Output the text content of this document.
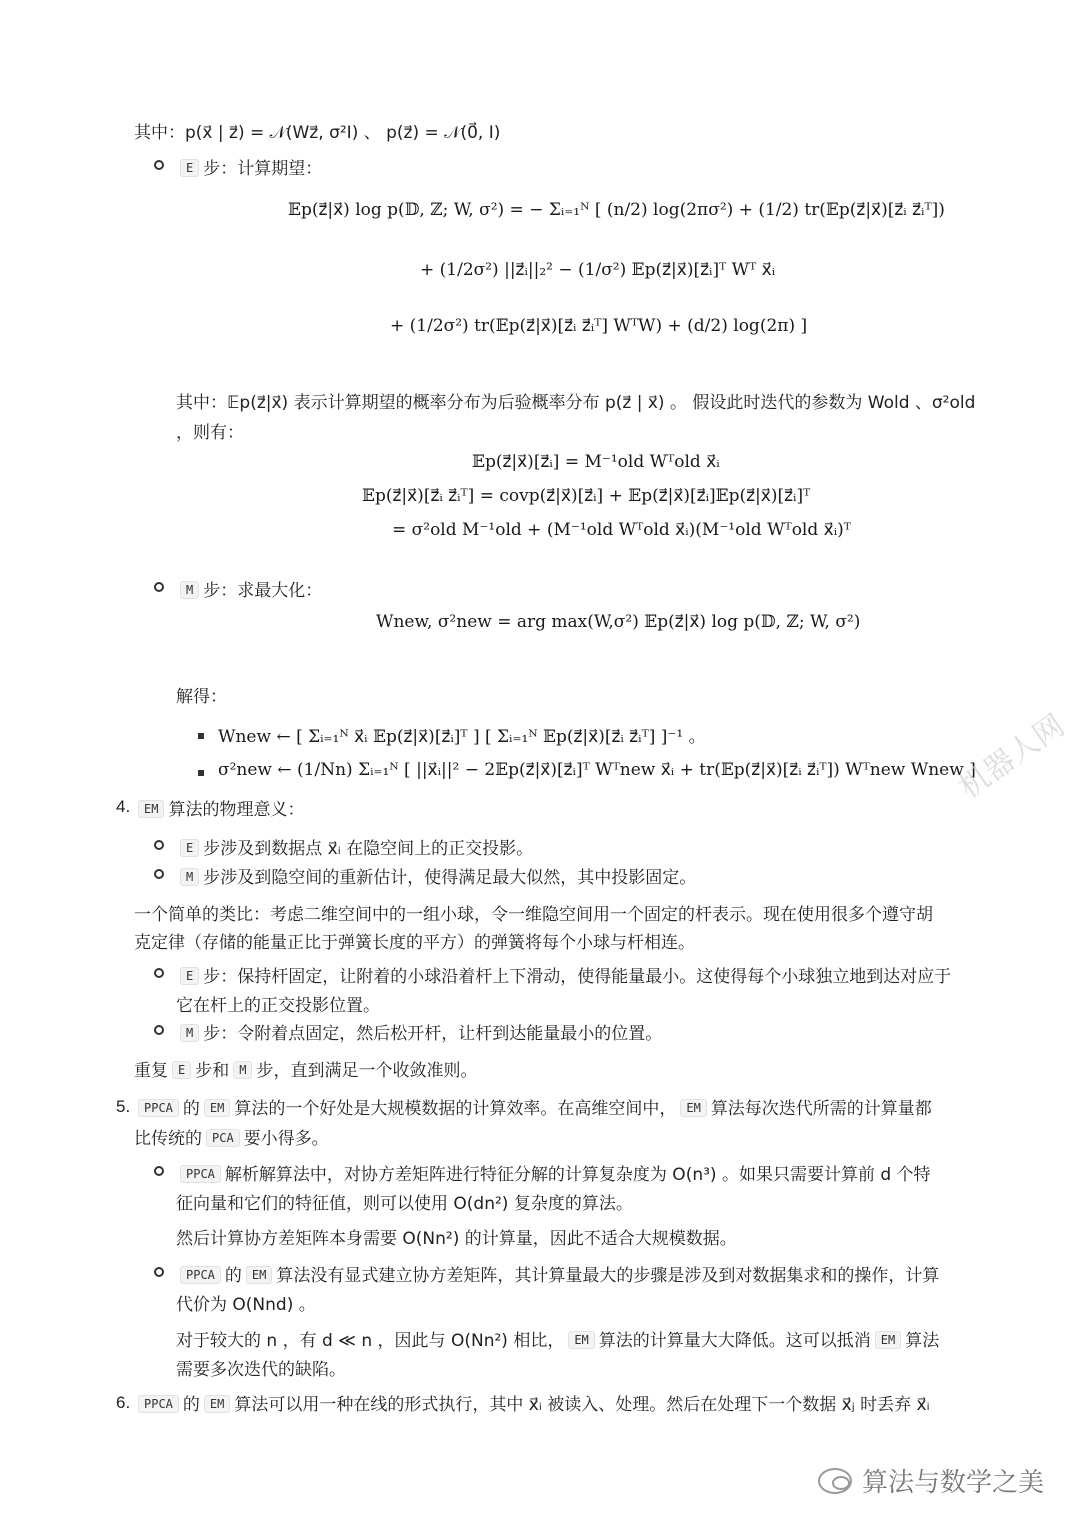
其中：p(x⃗ | z⃗) = 𝒩(Wz⃗, σ²I) 、 p(z⃗) = 𝒩(0⃗, I)
E 步：计算期望：
𝔼p(z⃗|x⃗) log p(𝔻, ℤ; W, σ²) = − Σᵢ₌₁ᴺ [ (n/2) log(2πσ²) + (1/2) tr(𝔼p(z⃗|x⃗)[z⃗ᵢ z⃗ᵢᵀ])
+ (1/2σ²) ||z⃗ᵢ||₂² − (1/σ²) 𝔼p(z⃗|x⃗)[z⃗ᵢ]ᵀ Wᵀ x⃗ᵢ
+ (1/2σ²) tr(𝔼p(z⃗|x⃗)[z⃗ᵢ z⃗ᵢᵀ] WᵀW) + (d/2) log(2π) ]
其中：𝔼p(z⃗|x⃗) 表示计算期望的概率分布为后验概率分布 p(z⃗ | x⃗) 。 假设此时迭代的参数为 Wold 、σ²old
，则有：
𝔼p(z⃗|x⃗)[z⃗ᵢ] = M⁻¹old Wᵀold x⃗ᵢ
𝔼p(z⃗|x⃗)[z⃗ᵢ z⃗ᵢᵀ] = covp(z⃗|x⃗)[z⃗ᵢ] + 𝔼p(z⃗|x⃗)[z⃗ᵢ]𝔼p(z⃗|x⃗)[z⃗ᵢ]ᵀ
= σ²old M⁻¹old + (M⁻¹old Wᵀold x⃗ᵢ)(M⁻¹old Wᵀold x⃗ᵢ)ᵀ
M 步：求最大化：
Wnew, σ²new = arg max(W,σ²) 𝔼p(z⃗|x⃗) log p(𝔻, ℤ; W, σ²)
解得：
Wnew ← [ Σᵢ₌₁ᴺ x⃗ᵢ 𝔼p(z⃗|x⃗)[z⃗ᵢ]ᵀ ] [ Σᵢ₌₁ᴺ 𝔼p(z⃗|x⃗)[z⃗ᵢ z⃗ᵢᵀ] ]⁻¹ 。
σ²new ← (1/Nn) Σᵢ₌₁ᴺ [ ||x⃗ᵢ||² − 2𝔼p(z⃗|x⃗)[z⃗ᵢ]ᵀ Wᵀnew x⃗ᵢ + tr(𝔼p(z⃗|x⃗)[z⃗ᵢ z⃗ᵢᵀ]) Wᵀnew Wnew ]
4.	EM 算法的物理意义：
E 步涉及到数据点 x⃗ᵢ 在隐空间上的正交投影。
M 步涉及到隐空间的重新估计，使得满足最大似然，其中投影固定。
一个简单的类比：考虑二维空间中的一组小球，令一维隐空间用一个固定的杆表示。现在使用很多个遵守胡
克定律（存储的能量正比于弹簧长度的平方）的弹簧将每个小球与杆相连。
E 步：保持杆固定，让附着的小球沿着杆上下滑动，使得能量最小。这使得每个小球独立地到达对应于
它在杆上的正交投影位置。
M 步：令附着点固定，然后松开杆，让杆到达能量最小的位置。
重复 E 步和 M 步，直到满足一个收敛准则。
5.	PPCA 的 EM 算法的一个好处是大规模数据的计算效率。在高维空间中， EM 算法每次迭代所需的计算量都
比传统的 PCA 要小得多。
PPCA 解析解算法中，对协方差矩阵进行特征分解的计算复杂度为 O(n³) 。如果只需要计算前 d 个特
征向量和它们的特征值，则可以使用 O(dn²) 复杂度的算法。
然后计算协方差矩阵本身需要 O(Nn²) 的计算量，因此不适合大规模数据。
PPCA 的 EM 算法没有显式建立协方差矩阵，其计算量最大的步骤是涉及到对数据集求和的操作，计算
代价为 O(Nnd) 。
对于较大的 n ，有 d ≪ n ，因此与 O(Nn²) 相比， EM 算法的计算量大大降低。这可以抵消 EM 算法
需要多次迭代的缺陷。
6.	PPCA 的 EM 算法可以用一种在线的形式执行，其中 x⃗ᵢ 被读入、处理。然后在处理下一个数据 x⃗ⱼ 时丢弃 x⃗ᵢ
机器人网
算法与数学之美
